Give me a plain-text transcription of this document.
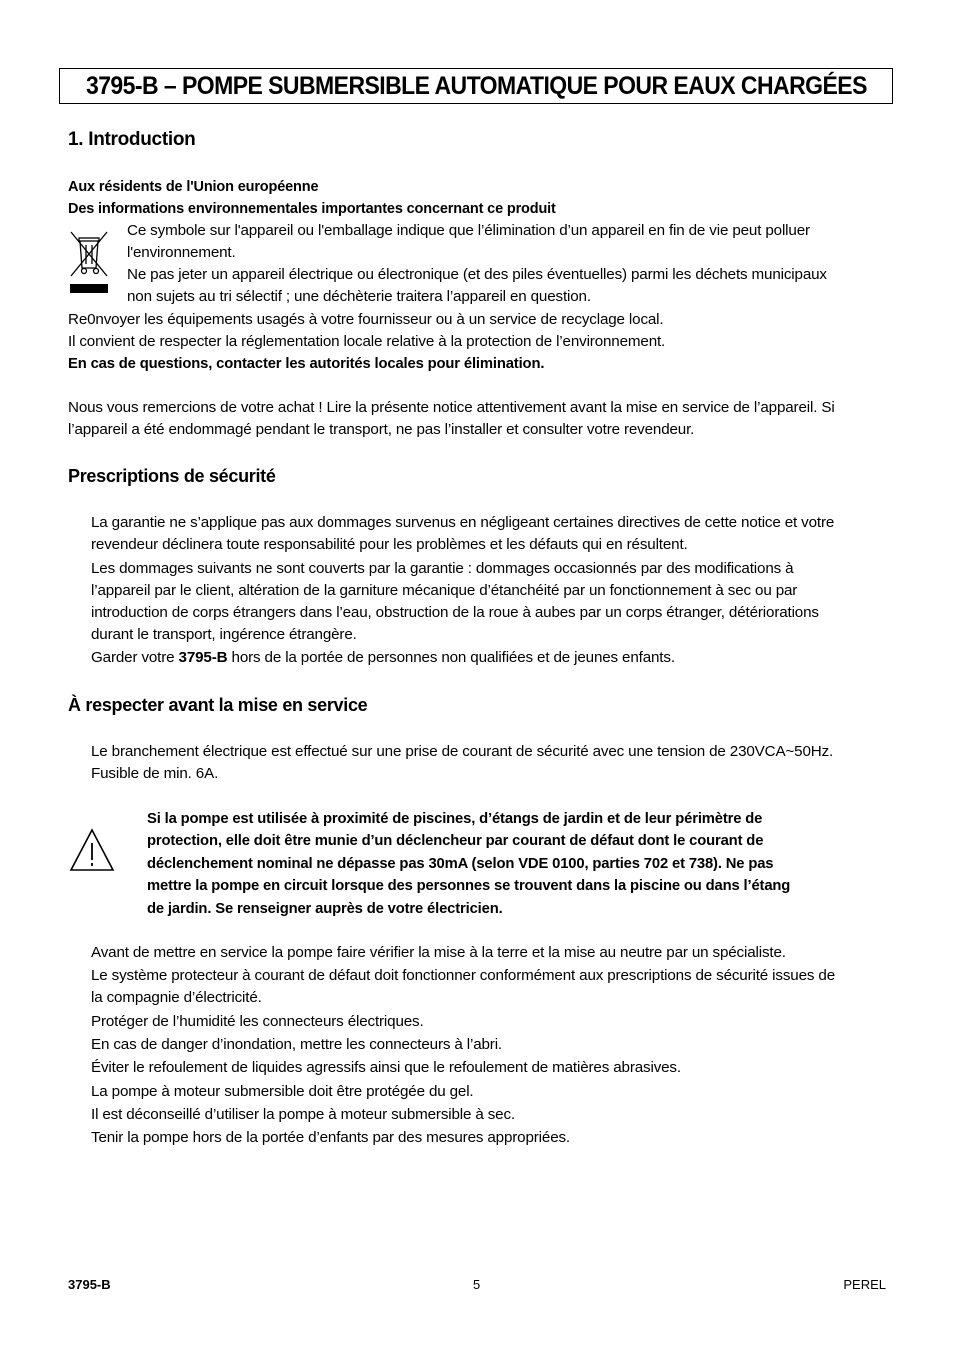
3795-B – POMPE SUBMERSIBLE AUTOMATIQUE POUR EAUX CHARGÉES
1. Introduction
Aux résidents de l'Union européenne
Des informations environnementales importantes concernant ce produit
Ce symbole sur l'appareil ou l'emballage indique que l’élimination d’un appareil en fin de vie peut polluer
l'environnement.
Ne pas jeter un appareil électrique ou électronique (et des piles éventuelles) parmi les déchets municipaux
non sujets au tri sélectif ; une déchèterie traitera l’appareil en question.
Re0nvoyer les équipements usagés à votre fournisseur ou à un service de recyclage local.
Il convient de respecter la réglementation locale relative à la protection de l’environnement.
En cas de questions, contacter les autorités locales pour élimination.
Nous vous remercions de votre achat ! Lire la présente notice attentivement avant la mise en service de l’appareil. Si
l’appareil a été endommagé pendant le transport, ne pas l’installer et consulter votre revendeur.
Prescriptions de sécurité
La garantie ne s’applique pas aux dommages survenus en négligeant certaines directives de cette notice et votre
revendeur déclinera toute responsabilité pour les problèmes et les défauts qui en résultent.
Les dommages suivants ne sont couverts par la garantie : dommages occasionnés par des modifications à
l’appareil par le client, altération de la garniture mécanique d’étanchéité par un fonctionnement à sec ou par
introduction de corps étrangers dans l’eau, obstruction de la roue à aubes par un corps étranger, détériorations
durant le transport, ingérence étrangère.
Garder votre 3795-B hors de la portée de personnes non qualifiées et de jeunes enfants.
À respecter avant la mise en service
Le branchement électrique est effectué sur une prise de courant de sécurité avec une tension de 230VCA~50Hz.
Fusible de min. 6A.
Si la pompe est utilisée à proximité de piscines, d’étangs de jardin et de leur périmètre de
protection, elle doit être munie d’un déclencheur par courant de défaut dont le courant de
déclenchement nominal ne dépasse pas 30mA (selon VDE 0100, parties 702 et 738). Ne pas
mettre la pompe en circuit lorsque des personnes se trouvent dans la piscine ou dans l’étang
de jardin. Se renseigner auprès de votre électricien.
Avant de mettre en service la pompe faire vérifier la mise à la terre et la mise au neutre par un spécialiste.
Le système protecteur à courant de défaut doit fonctionner conformément aux prescriptions de sécurité issues de
la compagnie d’électricité.
Protéger de l’humidité les connecteurs électriques.
En cas de danger d’inondation, mettre les connecteurs à l’abri.
Éviter le refoulement de liquides agressifs ainsi que le refoulement de matières abrasives.
La pompe à moteur submersible doit être protégée du gel.
Il est déconseillé d’utiliser la pompe à moteur submersible à sec.
Tenir la pompe hors de la portée d’enfants par des mesures appropriées.
3795-B	5	PEREL
